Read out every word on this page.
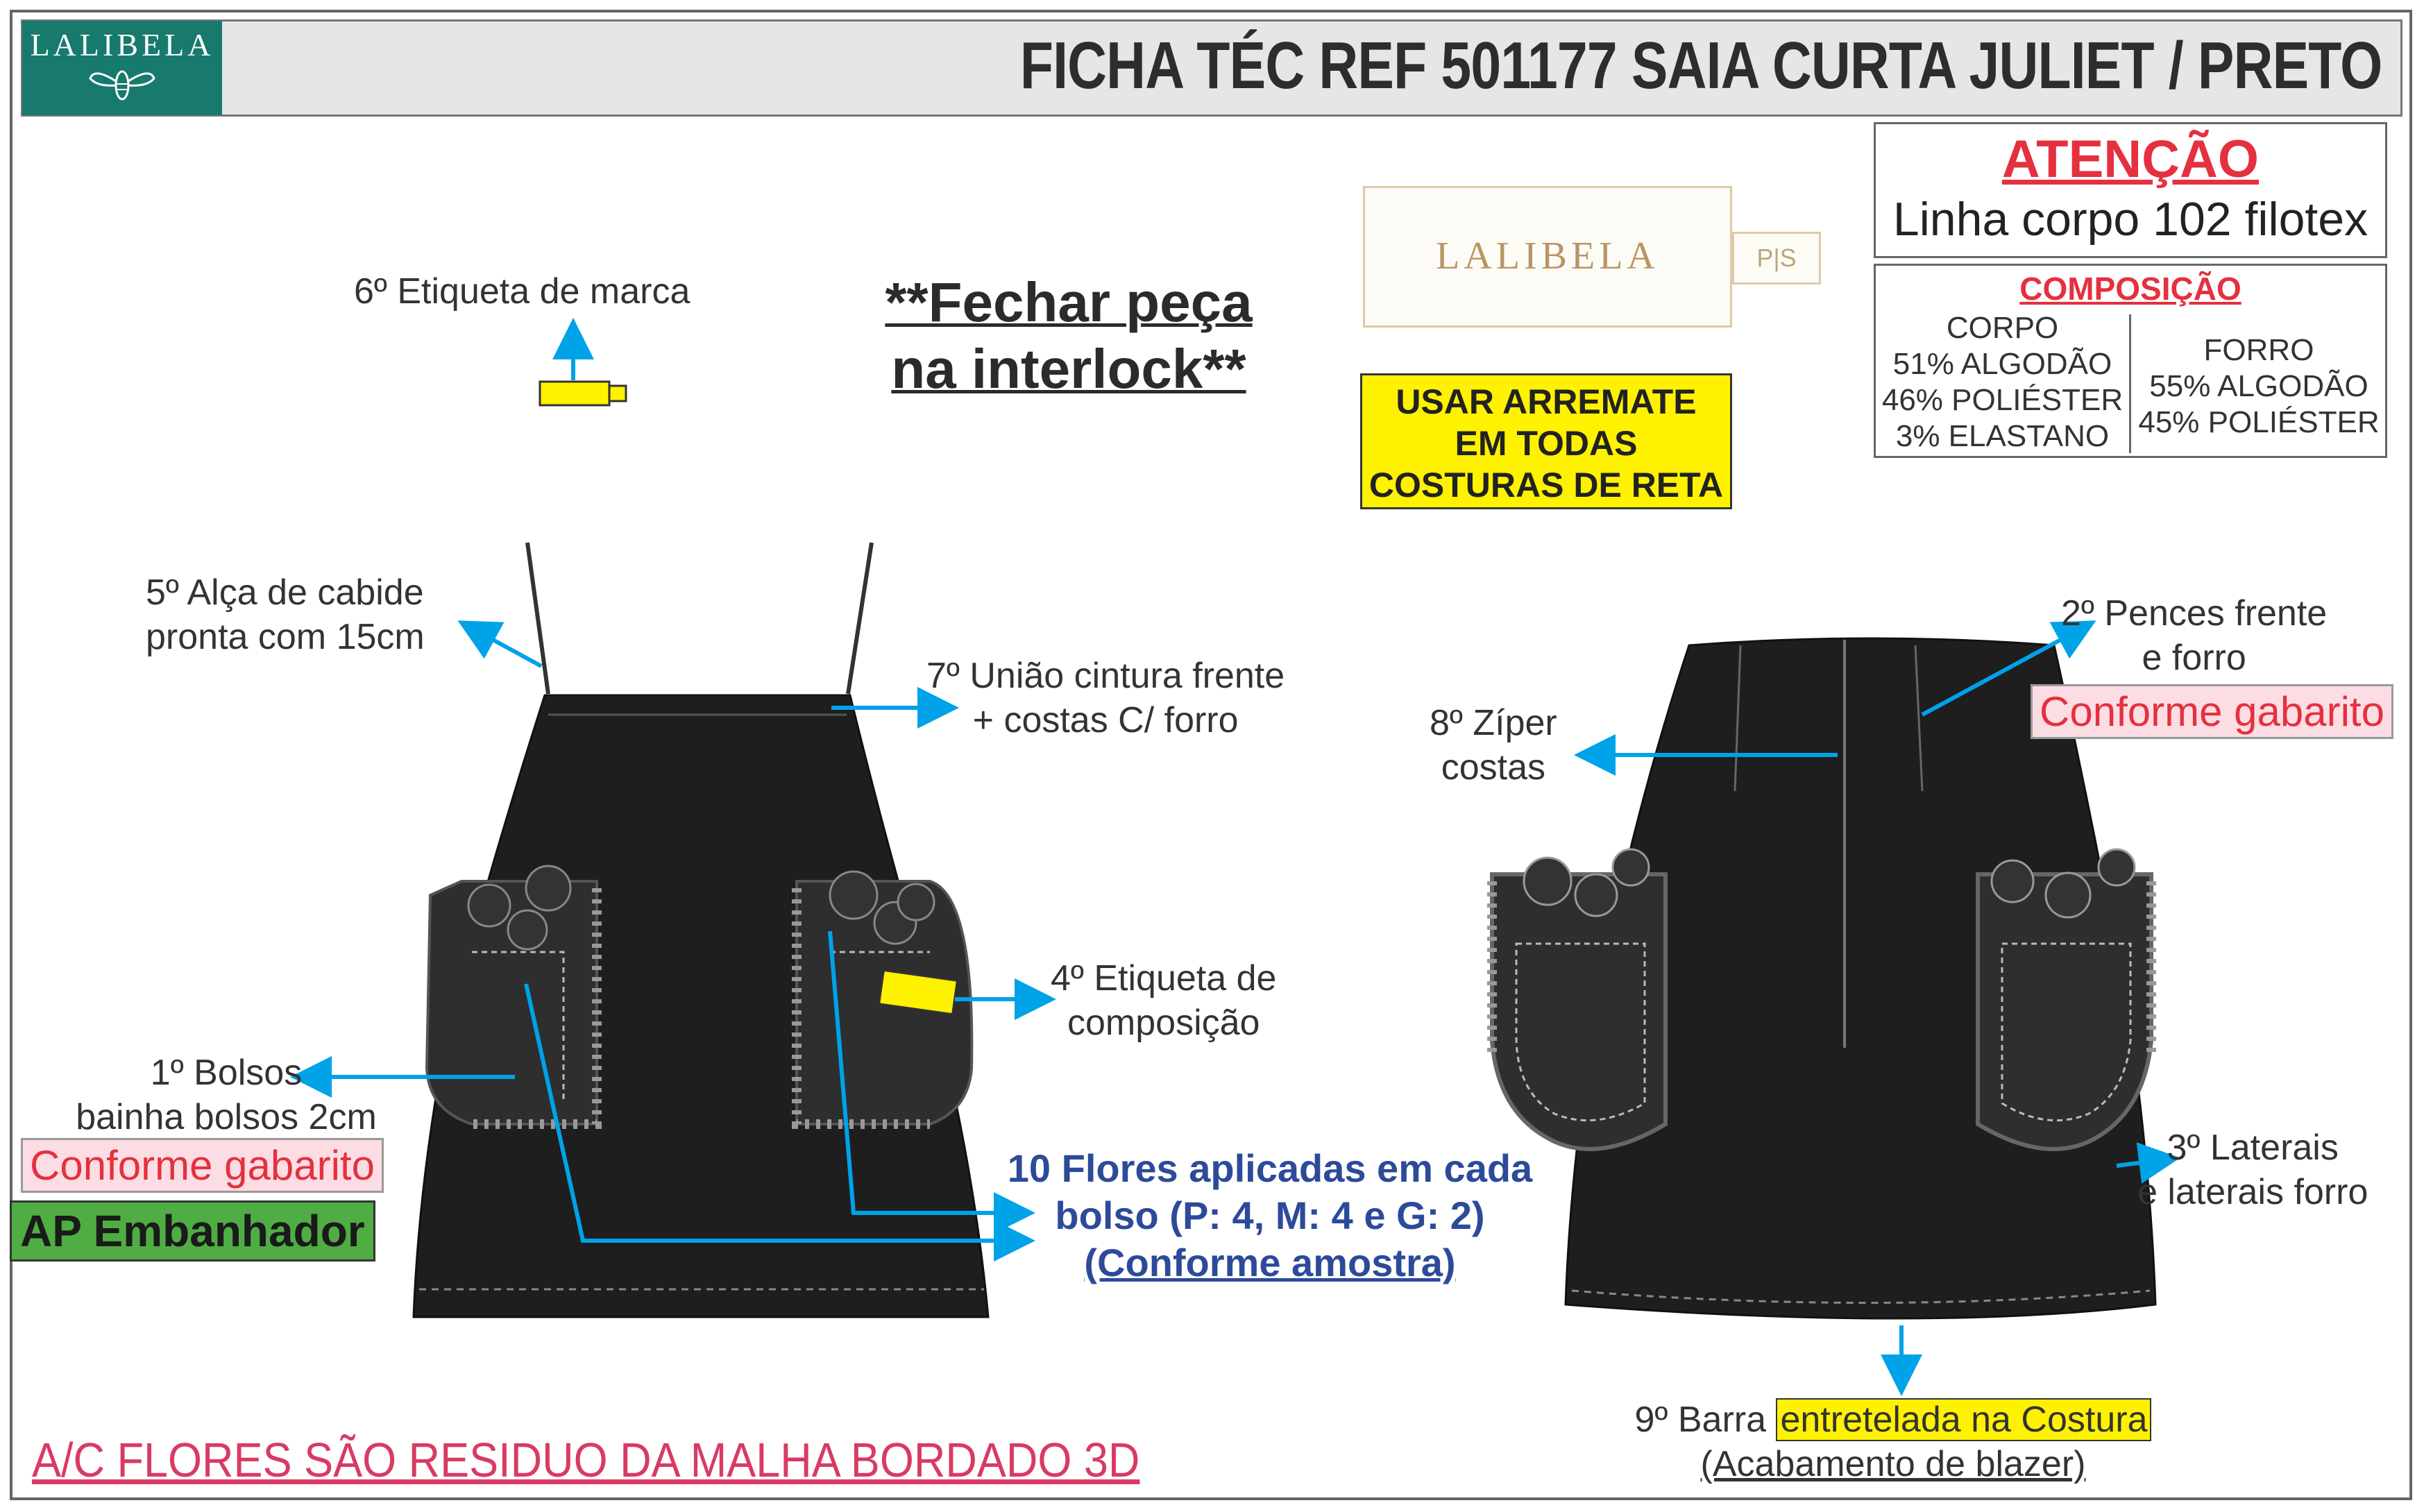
LALIBELA	FICHA TÉC REF 501177 SAIA CURTA JULIET / PRETO
LALIBELA	P|S
ATENÇÃO
Linha corpo 102 filotex
COMPOSIÇÃO
CORPO
51% ALGODÃO
46% POLIÉSTER
3% ELASTANO
FORRO
55% ALGODÃO
45% POLIÉSTER
USAR ARREMATE
EM TODAS
COSTURAS DE RETA
**Fechar peça
na interlock**
6º Etiqueta de marca
5º Alça de cabide
pronta com 15cm
7º União cintura frente
+ costas C/ forro
4º Etiqueta de
composição
1º Bolsos
bainha bolsos 2cm
Conforme gabarito
AP Embanhador
10 Flores aplicadas em cada
bolso (P: 4, M: 4 e G: 2)
(Conforme amostra)
8º Zíper
costas
2º Pences frente
e forro
Conforme gabarito
3º Laterais
e laterais forro
9º Barra entretelada na Costura
(Acabamento de blazer)
A/C FLORES SÃO RESIDUO DA MALHA BORDADO 3D
